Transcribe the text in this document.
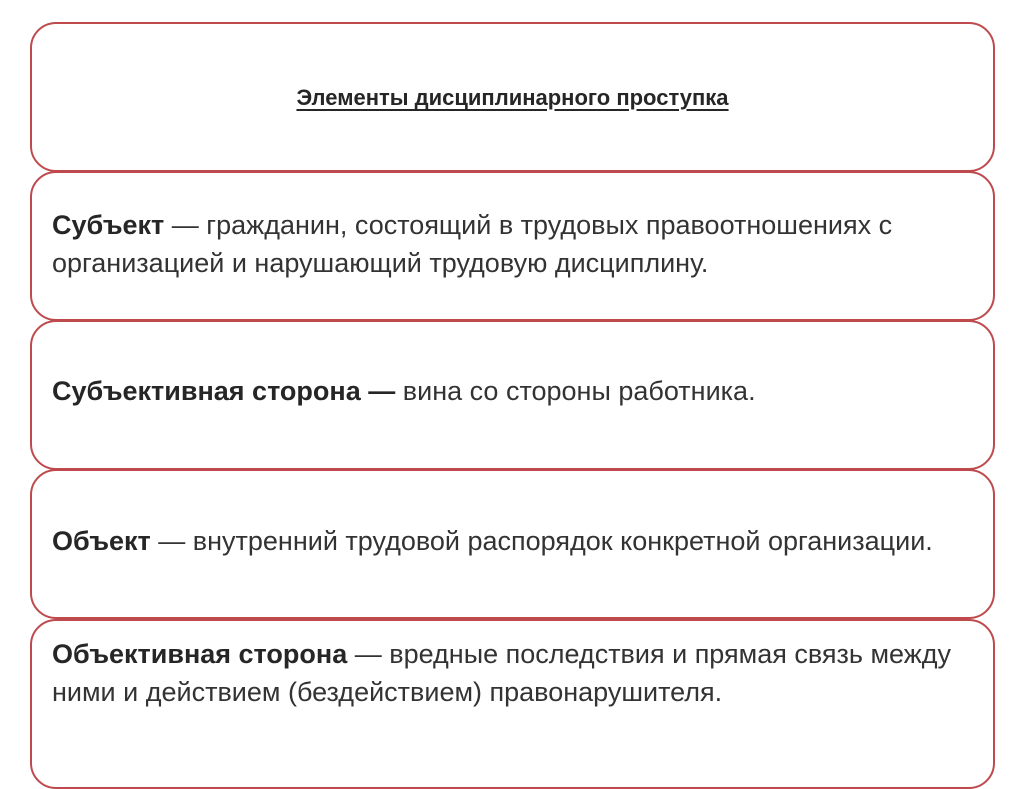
Элементы дисциплинарного проступка
Субъект — гражданин, состоящий в трудовых правоотношениях с организацией и нарушающий трудовую дисциплину.
Субъективная сторона — вина со стороны работника.
Объект — внутренний трудовой распорядок конкретной организации.
Объективная сторона — вредные последствия и прямая связь между ними и действием (бездействием) правонарушителя.
